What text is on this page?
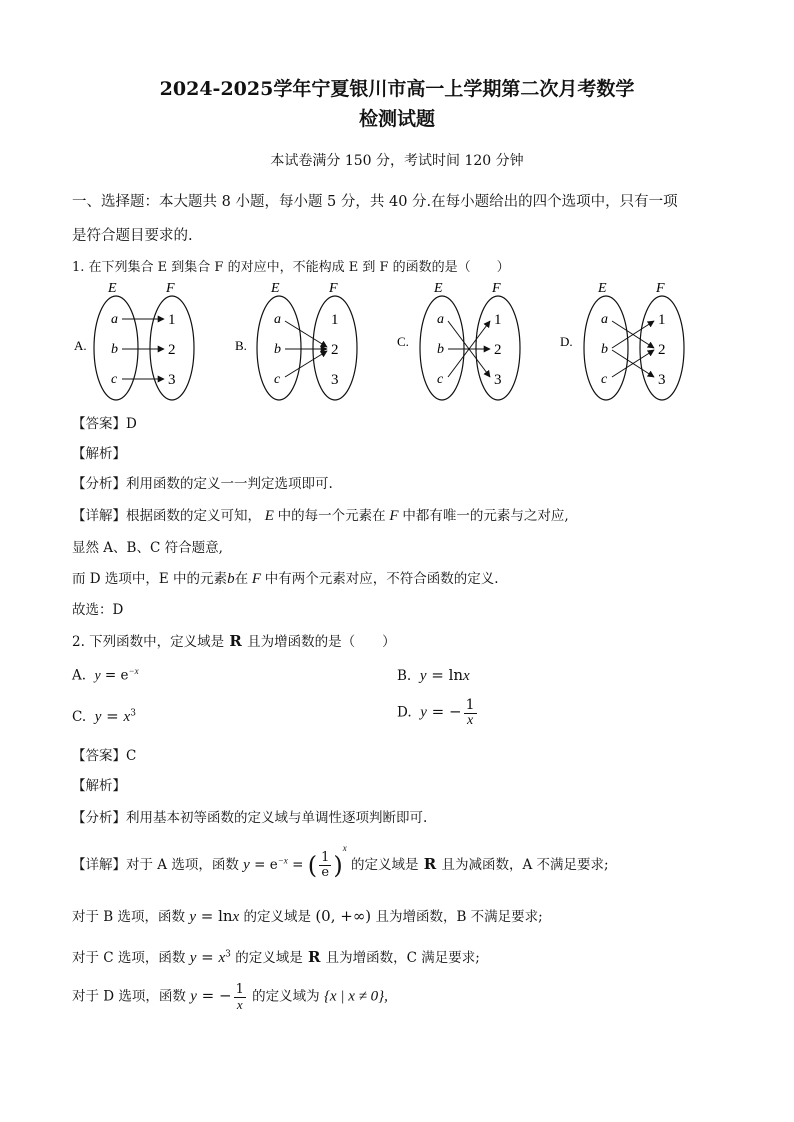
2024-2025学年宁夏银川市高一上学期第二次月考数学
检测试题
本试卷满分 150 分，考试时间 120 分钟
一、选择题：本大题共 8 小题，每小题 5 分，共 40 分.在每小题给出的四个选项中，只有一项
是符合题目要求的.
1. 在下列集合 E 到集合 F 的对应中，不能构成 E 到 F 的函数的是（　　）
A.
E	F
a
b
c
1
2
3
B.
E	F
a
b
c
1
2
3
C.
E	F
a
b
c
1
2
3
D.
E	F
a
b
c
1
2
3
【答案】D
【解析】
【分析】利用函数的定义一一判定选项即可.
【详解】根据函数的定义可知， E 中的每一个元素在 F 中都有唯一的元素与之对应,
显然 A、B、C 符合题意,
而 D 选项中，E 中的元素b在 F 中有两个元素对应，不符合函数的定义.
故选：D
2. 下列函数中，定义域是 R 且为增函数的是（　　）
A. $y = e^{-x}$	B. y = lnx
C. $y = x^3$	D. y = − $\frac{1}{x}$
【答案】C
【解析】
【分析】利用基本初等函数的定义域与单调性逐项判断即可.
【详解】对于 A 选项，函数 $y = e^{-x}$ = ( $\frac{1}{e} )^x$ 的定义域是 R 且为减函数，A 不满足要求;
对于 B 选项，函数 y = lnx 的定义域是 (0, +∞) 且为增函数，B 不满足要求;
对于 C 选项，函数 $y = x^3$ 的定义域是 R 且为增函数，C 满足要求;
对于 D 选项，函数 y = − $\frac{1}{x}$ 的定义域为 {x | x ≠ 0},
